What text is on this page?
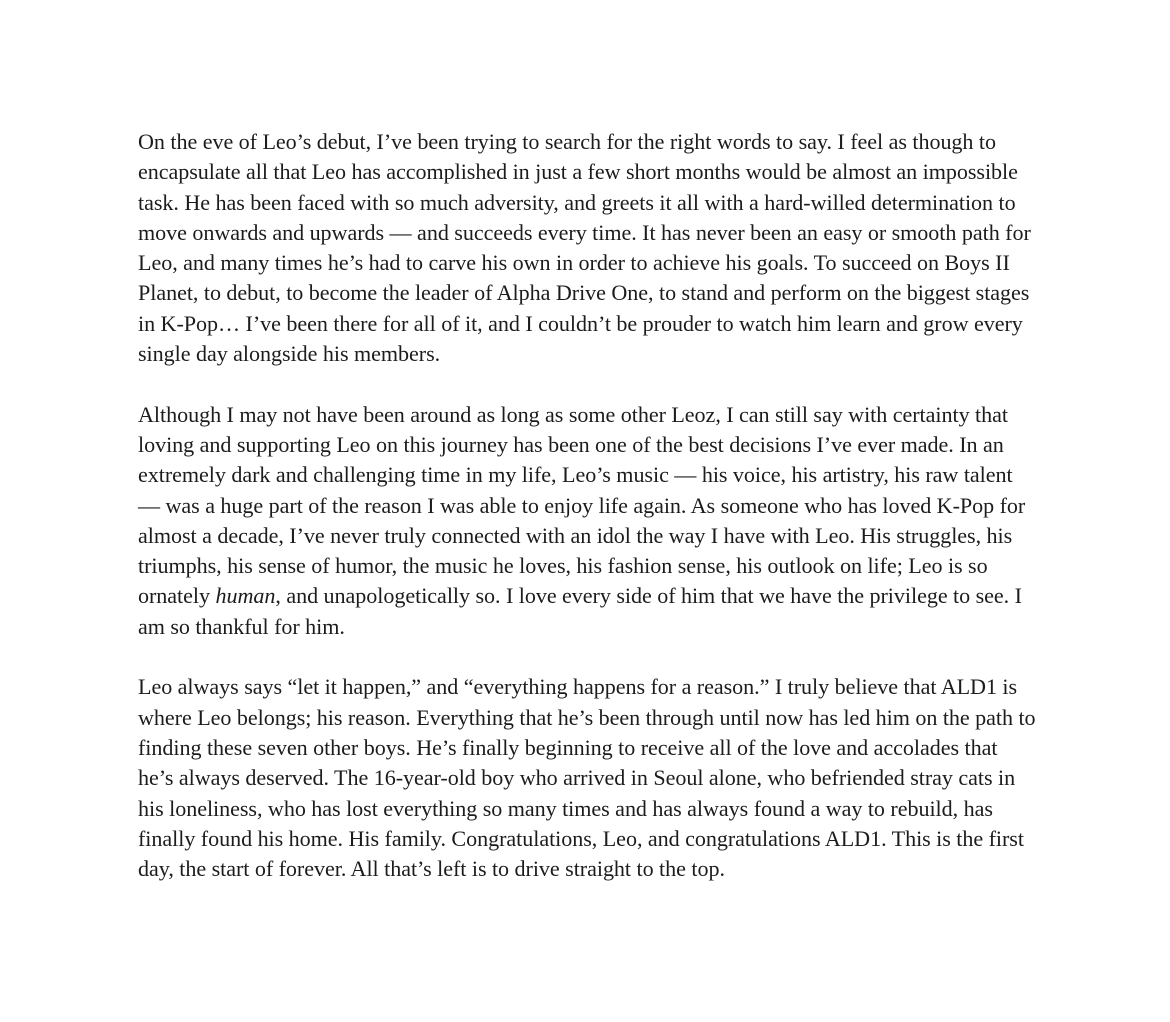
On the eve of Leo’s debut, I’ve been trying to search for the right words to say. I feel as though to encapsulate all that Leo has accomplished in just a few short months would be almost an impossible task. He has been faced with so much adversity, and greets it all with a hard-willed determination to move onwards and upwards — and succeeds every time. It has never been an easy or smooth path for Leo, and many times he’s had to carve his own in order to achieve his goals. To succeed on Boys II Planet, to debut, to become the leader of Alpha Drive One, to stand and perform on the biggest stages in K-Pop… I’ve been there for all of it, and I couldn’t be prouder to watch him learn and grow every single day alongside his members.

Although I may not have been around as long as some other Leoz, I can still say with certainty that loving and supporting Leo on this journey has been one of the best decisions I’ve ever made. In an extremely dark and challenging time in my life, Leo’s music — his voice, his artistry, his raw talent — was a huge part of the reason I was able to enjoy life again. As someone who has loved K-Pop for almost a decade, I’ve never truly connected with an idol the way I have with Leo. His struggles, his triumphs, his sense of humor, the music he loves, his fashion sense, his outlook on life; Leo is so ornately human, and unapologetically so. I love every side of him that we have the privilege to see. I am so thankful for him.

Leo always says “let it happen,” and “everything happens for a reason.” I truly believe that ALD1 is where Leo belongs; his reason. Everything that he’s been through until now has led him on the path to finding these seven other boys. He’s finally beginning to receive all of the love and accolades that he’s always deserved. The 16-year-old boy who arrived in Seoul alone, who befriended stray cats in his loneliness, who has lost everything so many times and has always found a way to rebuild, has finally found his home. His family. Congratulations, Leo, and congratulations ALD1. This is the first day, the start of forever. All that’s left is to drive straight to the top.
